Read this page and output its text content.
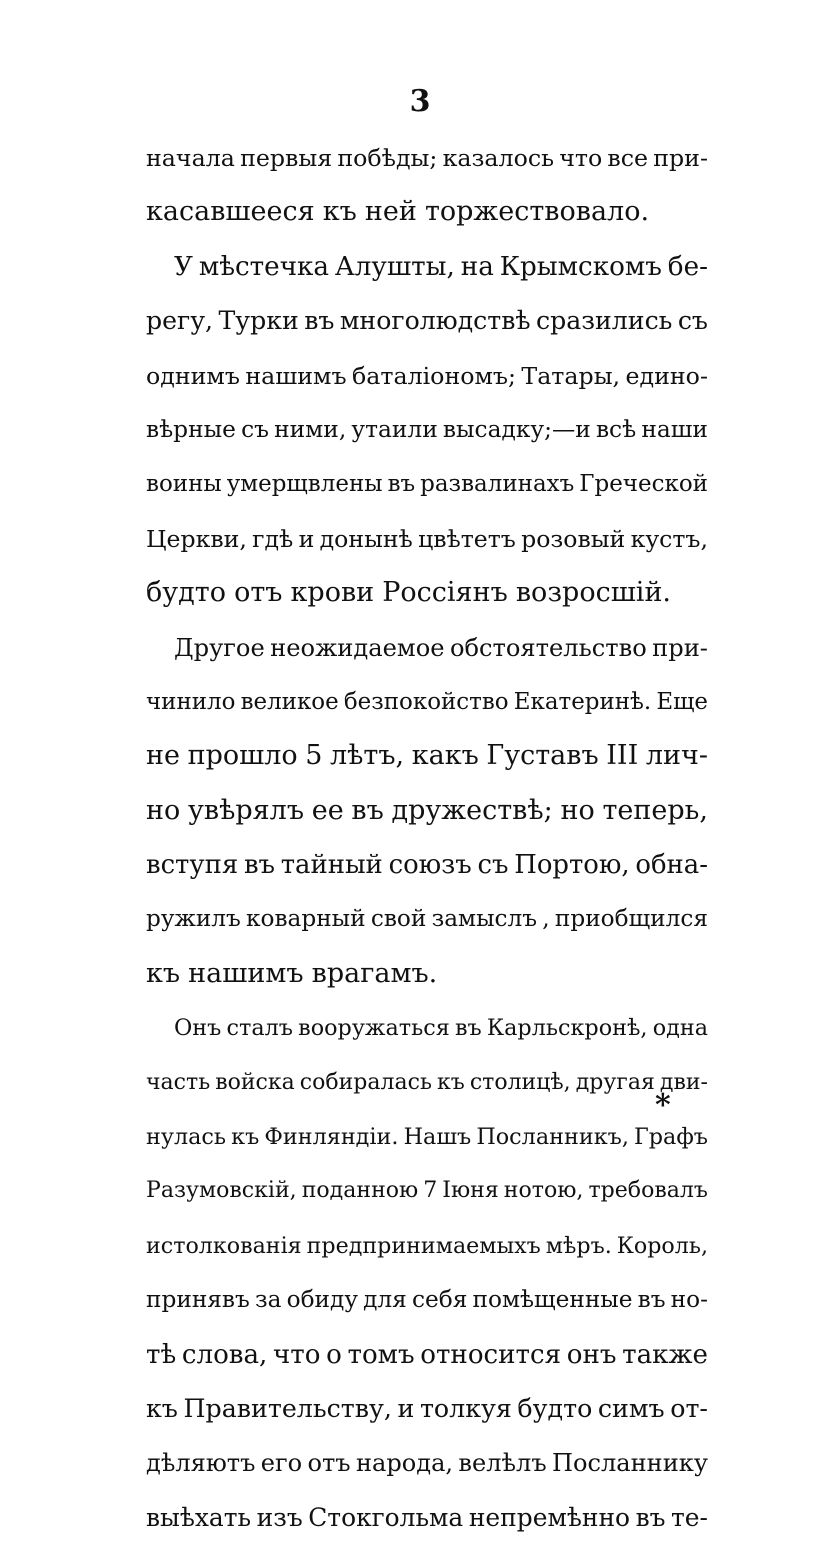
3
начала первыя побѣды; казалось что все при-
касавшееся къ ней торжествовало.
У мѣстечка Алушты, на Крымскомъ бе-
регу, Турки въ многолюдствѣ сразились съ
однимъ нашимъ баталiономъ; Татары, едино-
вѣрные съ ними, утаили высадку;—и всѣ наши
воины умерщвлены въ развалинахъ Греческой
Церкви, гдѣ и донынѣ цвѣтетъ розовый кустъ,
будто отъ крови Россiянъ возросшiй.
Другое неожидаемое обстоятельство при-
чинило великое безпокойство Екатеринѣ. Еще
не прошло 5 лѣтъ, какъ Густавъ III лич-
но увѣрялъ ее въ дружествѣ; но теперь,
вступя въ тайный союзъ съ Портою, обна-
ружилъ коварный свой замыслъ , приобщился
къ нашимъ врагамъ.
Онъ сталъ вооружаться въ Карльскронѣ, одна
часть войска собиралась къ столицѣ, другая дви-
нулась къ Финляндiи. Нашъ Посланникъ, Графъ
Разумовскiй, поданною 7 Iюня нотою, требовалъ
истолкованiя предпринимаемыхъ мѣръ. Король,
принявъ за обиду для себя помѣщенные въ но-
тѣ слова, что о томъ относится онъ также
къ Правительству, и толкуя будто симъ от-
дѣляютъ его отъ народа, велѣлъ Посланнику
выѣхать изъ Стокгольма непремѣнно въ те-
*
